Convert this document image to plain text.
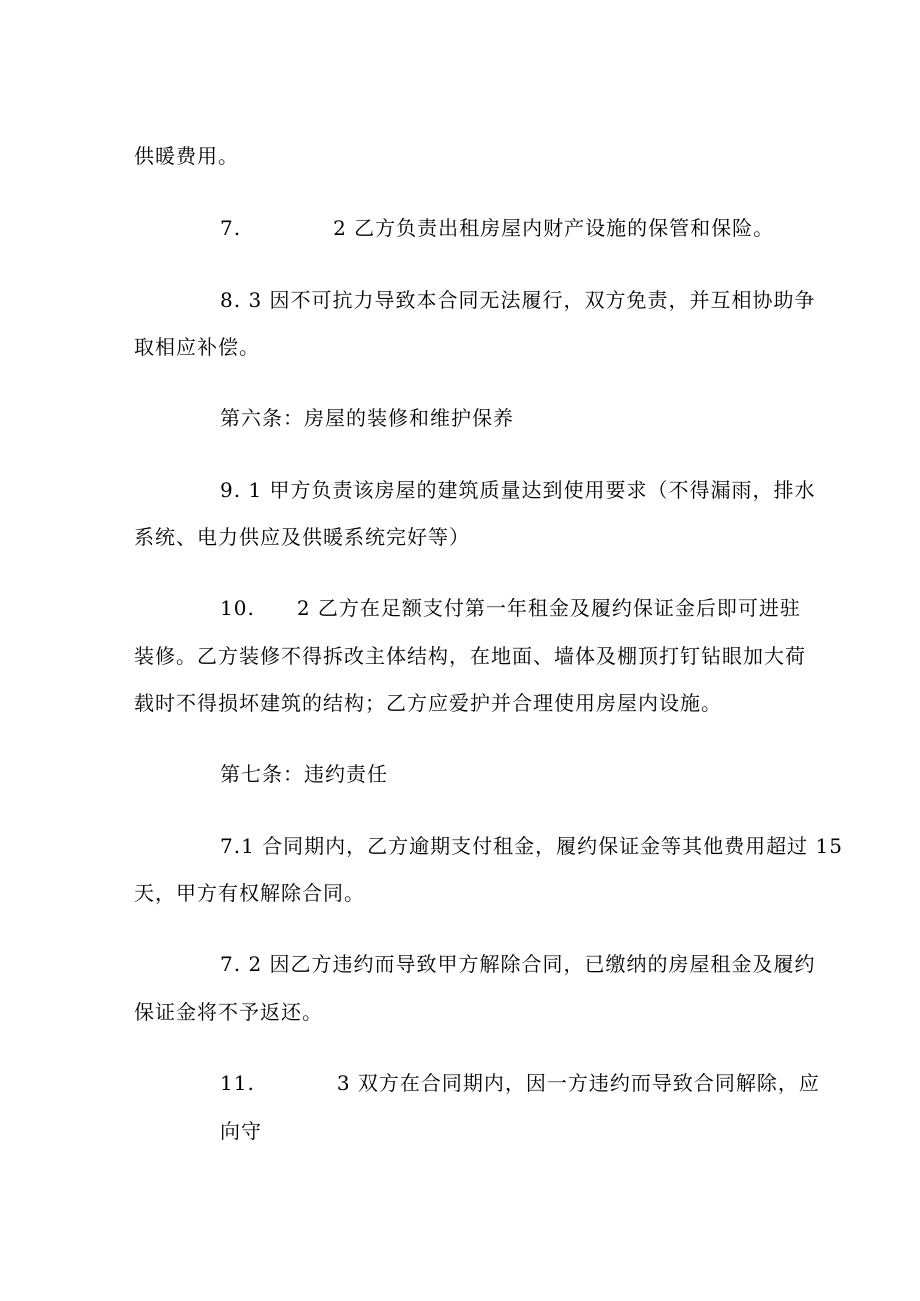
供暖费用。
7.	2 乙方负责出租房屋内财产设施的保管和保险。
8. 3 因不可抗力导致本合同无法履行，双方免责，并互相协助争
取相应补偿。
第六条：房屋的装修和维护保养
9. 1 甲方负责该房屋的建筑质量达到使用要求（不得漏雨，排水
系统、电力供应及供暖系统完好等）
10. 2 乙方在足额支付第一年租金及履约保证金后即可进驻
装修。乙方装修不得拆改主体结构，在地面、墙体及棚顶打钉钻眼加大荷
载时不得损坏建筑的结构；乙方应爱护并合理使用房屋内设施。
第七条：违约责任
7.1 合同期内，乙方逾期支付租金，履约保证金等其他费用超过 15
天，甲方有权解除合同。
7. 2 因乙方违约而导致甲方解除合同，已缴纳的房屋租金及履约
保证金将不予返还。
11.	3 双方在合同期内，因一方违约而导致合同解除，应
向守
